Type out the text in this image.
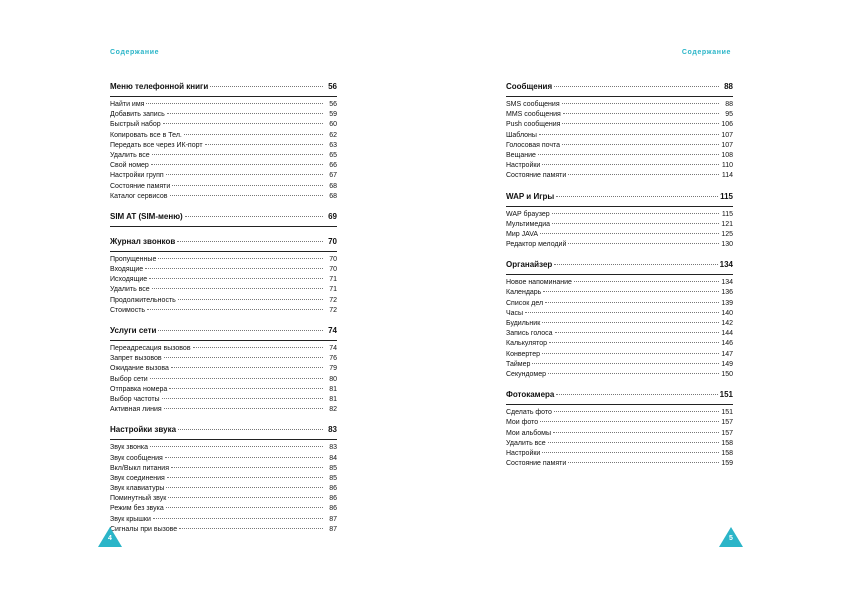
Содержание
Меню телефонной книги	56
Найти имя	56
Добавить запись	59
Быстрый набор	60
Копировать все в Тел.	62
Передать все через ИК-порт	63
Удалить все	65
Свой номер	66
Настройки групп	67
Состояние памяти	68
Каталог сервисов	68
SIM AT (SIM-меню)	69
Журнал звонков	70
Пропущенные	70
Входящие	70
Исходящие	71
Удалить все	71
Продолжительность	72
Стоимость	72
Услуги сети	74
Переадресация вызовов	74
Запрет вызовов	76
Ожидание вызова	79
Выбор сети	80
Отправка номера	81
Выбор частоты	81
Активная линия	82
Настройки звука	83
Звук звонка	83
Звук сообщения	84
Вкл/Выкл питания	85
Звук соединения	85
Звук клавиатуры	86
Поминутный звук	86
Режим без звука	86
Звук крышки	87
Сигналы при вызове	87
4
Содержание
Сообщения	88
SMS сообщения	88
MMS сообщения	95
Push сообщения	106
Шаблоны	107
Голосовая почта	107
Вещание	108
Настройки	110
Состояние памяти	114
WAP и Игры	115
WAP браузер	115
Мультимедиа	121
Мир JAVA	125
Редактор мелодий	130
Органайзер	134
Новое напоминание	134
Календарь	136
Список дел	139
Часы	140
Будильник	142
Запись голоса	144
Калькулятор	146
Конвертер	147
Таймер	149
Секундомер	150
Фотокамера	151
Сделать фото	151
Мои фото	157
Мои альбомы	157
Удалить все	158
Настройки	158
Состояние памяти	159
5
